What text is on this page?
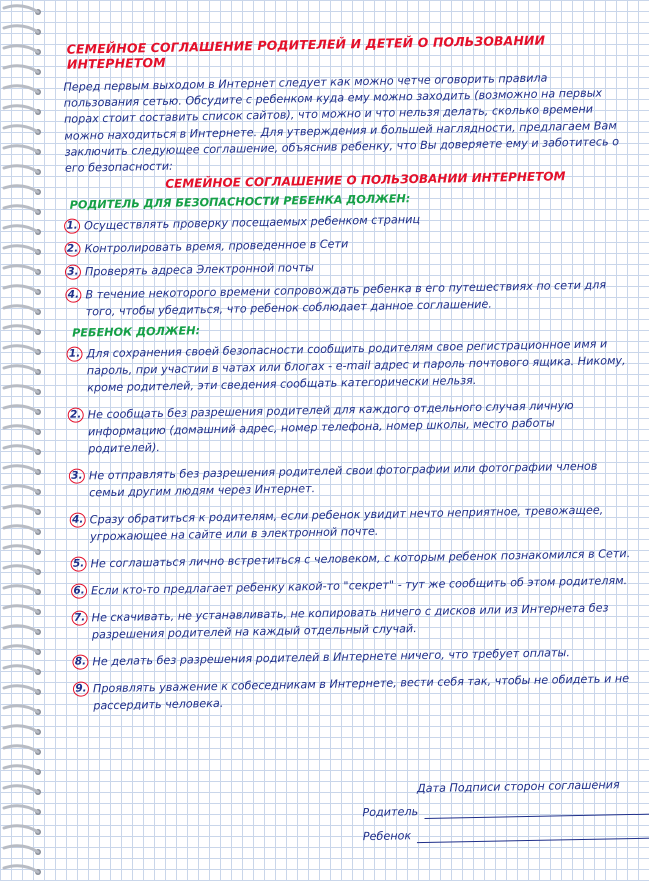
СЕМЕЙНОЕ СОГЛАШЕНИЕ РОДИТЕЛЕЙ И ДЕТЕЙ О ПОЛЬЗОВАНИИ ИНТЕРНЕТОМ
Перед первым выходом в Интернет следует как можно четче оговорить правила пользования сетью. Обсудите с ребенком куда ему можно заходить (возможно на первых порах стоит составить список сайтов), что можно и что нельзя делать, сколько времени можно находиться в Интернете. Для утверждения и большей наглядности, предлагаем Вам заключить следующее соглашение, объяснив ребенку, что Вы доверяете ему и заботитесь о его безопасности:
СЕМЕЙНОЕ СОГЛАШЕНИЕ О ПОЛЬЗОВАНИИ ИНТЕРНЕТОМ
РОДИТЕЛЬ ДЛЯ БЕЗОПАСНОСТИ РЕБЕНКА ДОЛЖЕН:
1. Осуществлять проверку посещаемых ребенком страниц
2. Контролировать время, проведенное в Сети
3. Проверять адреса Электронной почты
4. В течение некоторого времени сопровождать ребенка в его путешествиях по сети для того, чтобы убедиться, что ребенок соблюдает данное соглашение.
РЕБЕНОК ДОЛЖЕН:
1. Для сохранения своей безопасности сообщить родителям свое регистрационное имя и пароль, при участии в чатах или блогах - e-mail адрес и пароль почтового ящика. Никому, кроме родителей, эти сведения сообщать категорически нельзя.
2. Не сообщать без разрешения родителей для каждого отдельного случая личную информацию (домашний адрес, номер телефона, номер школы, место работы родителей).
3. Не отправлять без разрешения родителей свои фотографии или фотографии членов семьи другим людям через Интернет.
4. Сразу обратиться к родителям, если ребенок увидит нечто неприятное, тревожащее, угрожающее на сайте или в электронной почте.
5. Не соглашаться лично встретиться с человеком, с которым ребенок познакомился в Сети.
6. Если кто-то предлагает ребенку какой-то "секрет" - тут же сообщить об этом родителям.
7. Не скачивать, не устанавливать, не копировать ничего с дисков или из Интернета без разрешения родителей на каждый отдельный случай.
8. Не делать без разрешения родителей в Интернете ничего, что требует оплаты.
9. Проявлять уважение к собеседникам в Интернете, вести себя так, чтобы не обидеть и не рассердить человека.
Дата Подписи сторон соглашения
Родитель
Ребенок
